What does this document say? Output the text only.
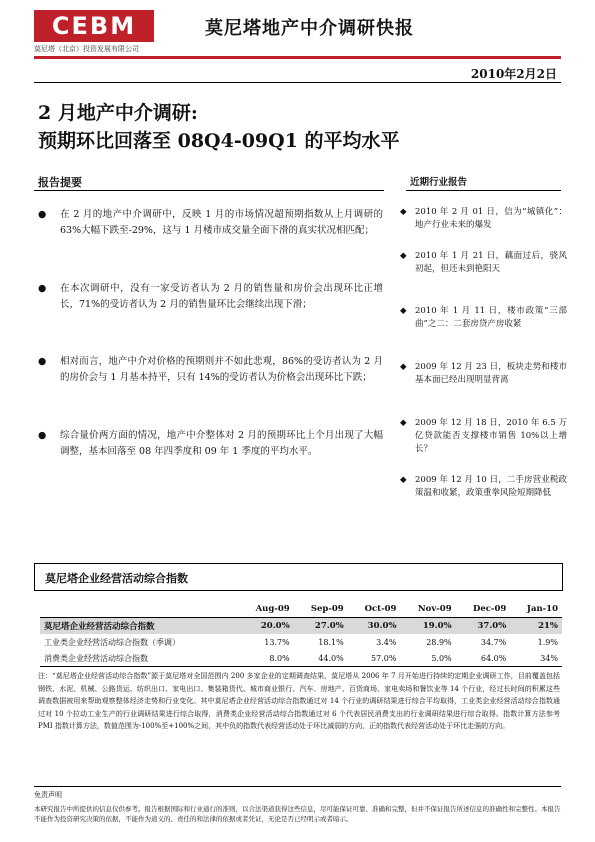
CEBM
莫尼塔（北京）投资发展有限公司
莫尼塔地产中介调研快报
2010年2月2日
2 月地产中介调研:
预期环比回落至 08Q4-09Q1 的平均水平
报告提要	近期行业报告
● 在 2 月的地产中介调研中，反映 1 月的市场情况超预期指数从上月调研的 63%大幅下跌至-29%，这与 1 月楼市成交量全面下滑的真实状况相匹配；
● 在本次调研中，没有一家受访者认为 2 月的销售量和房价会出现环比正增长，71%的受访者认为 2 月的销售量环比会继续出现下滑；
● 相对而言，地产中介对价格的预期则并不如此悲观，86%的受访者认为 2 月的房价会与 1 月基本持平，只有 14%的受访者认为价格会出现环比下跌；
● 综合量价两方面的情况，地产中介整体对 2 月的预期环比上个月出现了大幅调整，基本回落至 08 年四季度和 09 年 1 季度的平均水平。
◆ 2010 年 2 月 01 日，信为“城镇化”：地产行业未来的爆发
◆ 2010 年 1 月 21 日，藕面过后，骁风初起，但还未到艳阳天
◆ 2010 年 1 月 11 日，楼市政策“三部曲”之二：二套房贷产房收紧
◆ 2009 年 12 月 23 日，板块走势和楼市基本面已经出现明显背离
◆ 2009 年 12 月 18 日，2010 年 6.5 万亿贷款能否支撑楼市销售 10%以上增长？
◆ 2009 年 12 月 10 日，二手房营业税政策温和收紧，政策重拳风险短期降低
莫尼塔企业经营活动综合指数
	Aug-09	Sep-09	Oct-09	Nov-09	Dec-09	Jan-10
莫尼塔企业经营活动综合指数	20.0%	27.0%	30.0%	19.0%	37.0%	21%
工业类企业经营活动综合指数（季调）	13.7%	18.1%	3.4%	28.9%	34.7%	1.9%
消费类企业经营活动综合指数	8.0%	44.0%	57.0%	5.0%	64.0%	34%
注：“莫尼塔企业经营活动综合指数”源于莫尼塔对全国范围内 200 多家企业的定期调查结果，莫尼塔从 2006 年 7 月开始进行持续的定期企业调研工作，目前覆盖包括钢铁、水泥、机械、公路货运、纺织出口、家电出口、集装箱货代、城市商业银行、汽车、房地产、百货商场、家电卖场和餐饮业等 14 个行业，经过长时间的积累这些调查数据被用来帮助观察整体经济走势和行业变化。其中莫尼塔企业经营活动综合指数通过对 14 个行业的调研结果进行综合平均取得，工业类企业经营活动综合指数通过对 10 个拉动工业生产的行业调研结果进行综合取得，消费类企业经营活动综合指数通过对 6 个代表居民消费支出的行业调研结果进行综合取得。指数计算方法参考 PMI 指数计算方法，数值范围为-100%至+100%之间，其中负的指数代表经营活动处于环比减弱的方向，正的指数代表经营活动处于环比走强的方向。
免责声明
本研究报告中所提供的信息仅供参考。报告根据国际和行业通行的准则，以合法渠道获得这些信息，尽可能保证可靠、准确和完整，但并不保证报告所述信息的准确性和完整性。本报告不能作为投资研究决策的依据，不能作为道义的、责任的和法律的依据或者凭证，无论是否已经明示或者暗示。
